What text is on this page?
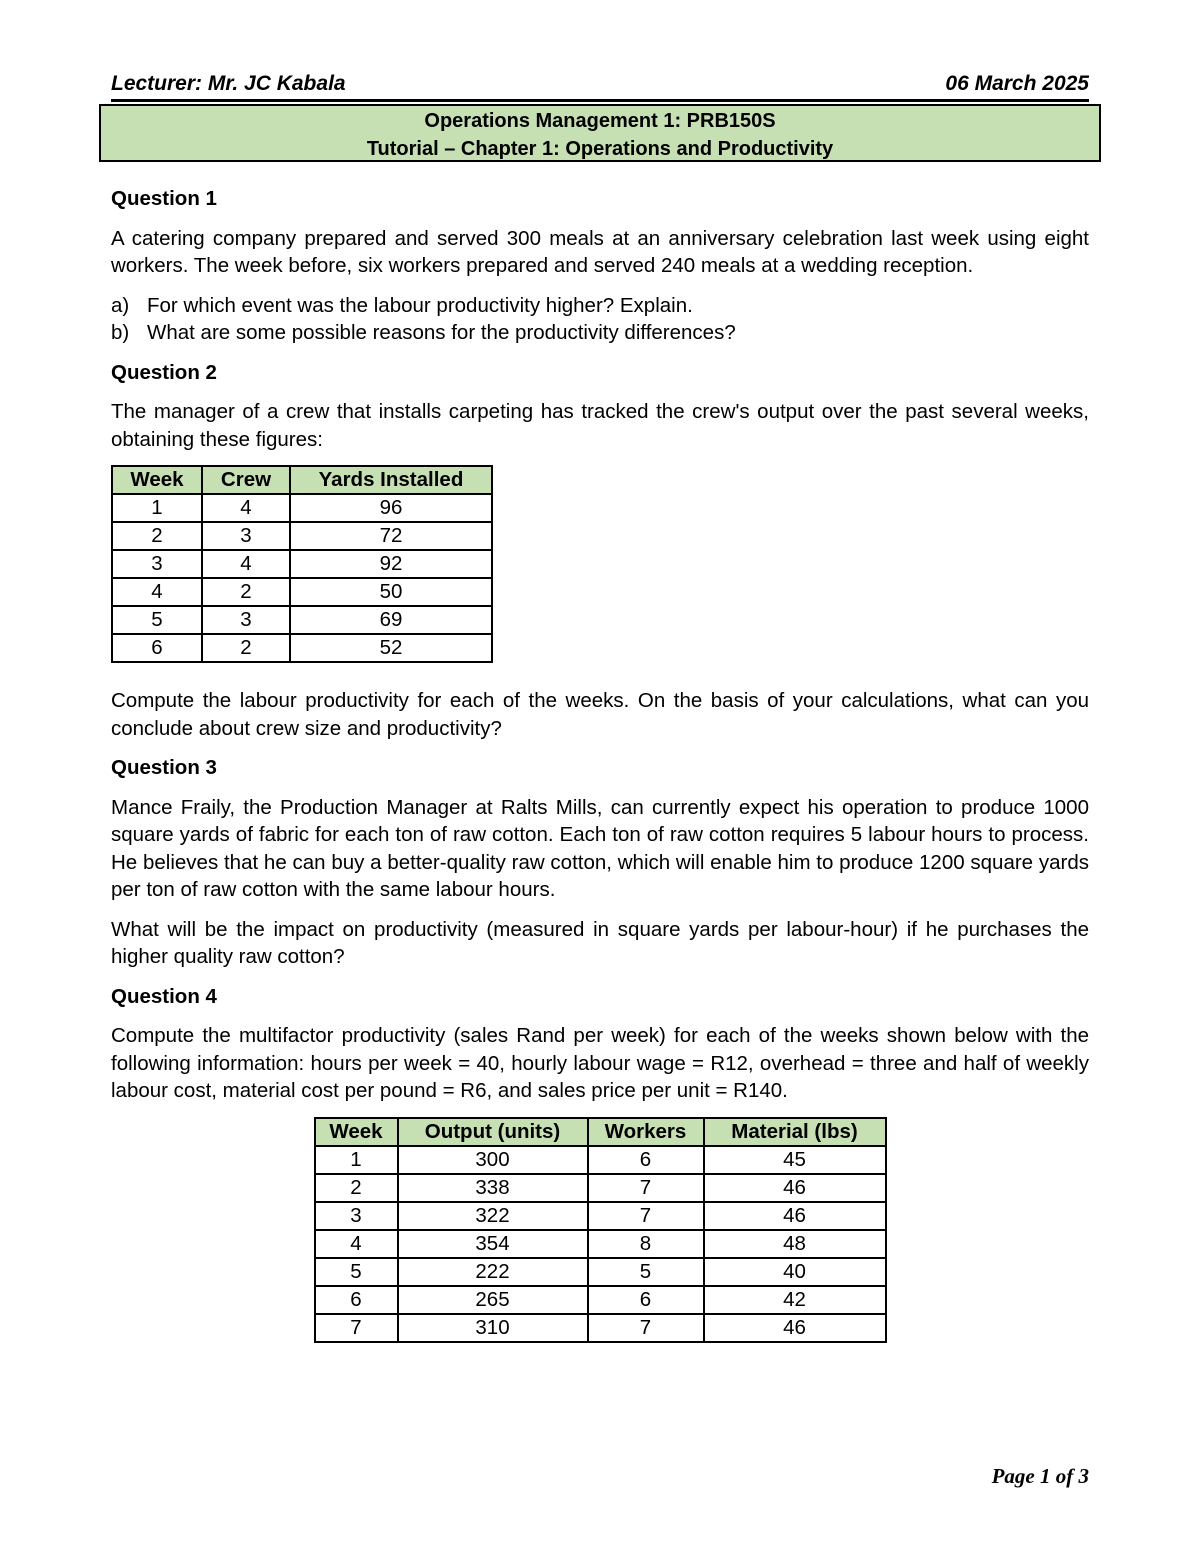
Lecturer: Mr. JC Kabala	06 March 2025
Operations Management 1: PRB150S
Tutorial – Chapter 1: Operations and Productivity
Question 1

A catering company prepared and served 300 meals at an anniversary celebration last week using eight workers. The week before, six workers prepared and served 240 meals at a wedding reception.

a) For which event was the labour productivity higher? Explain.
b) What are some possible reasons for the productivity differences?
Question 2

The manager of a crew that installs carpeting has tracked the crew's output over the past several weeks, obtaining these figures:

Week	Crew	Yards Installed
1	4	96
2	3	72
3	4	92
4	2	50
5	3	69
6	2	52

Compute the labour productivity for each of the weeks. On the basis of your calculations, what can you conclude about crew size and productivity?

Question 3

Mance Fraily, the Production Manager at Ralts Mills, can currently expect his operation to produce 1000 square yards of fabric for each ton of raw cotton. Each ton of raw cotton requires 5 labour hours to process. He believes that he can buy a better-quality raw cotton, which will enable him to produce 1200 square yards per ton of raw cotton with the same labour hours.

What will be the impact on productivity (measured in square yards per labour-hour) if he purchases the higher quality raw cotton?

Question 4

Compute the multifactor productivity (sales Rand per week) for each of the weeks shown below with the following information: hours per week = 40, hourly labour wage = R12, overhead = three and half of weekly labour cost, material cost per pound = R6, and sales price per unit = R140.

Week	Output (units)	Workers	Material (lbs)
1	300	6	45
2	338	7	46
3	322	7	46
4	354	8	48
5	222	5	40
6	265	6	42
7	310	7	46
Page 1 of 3
